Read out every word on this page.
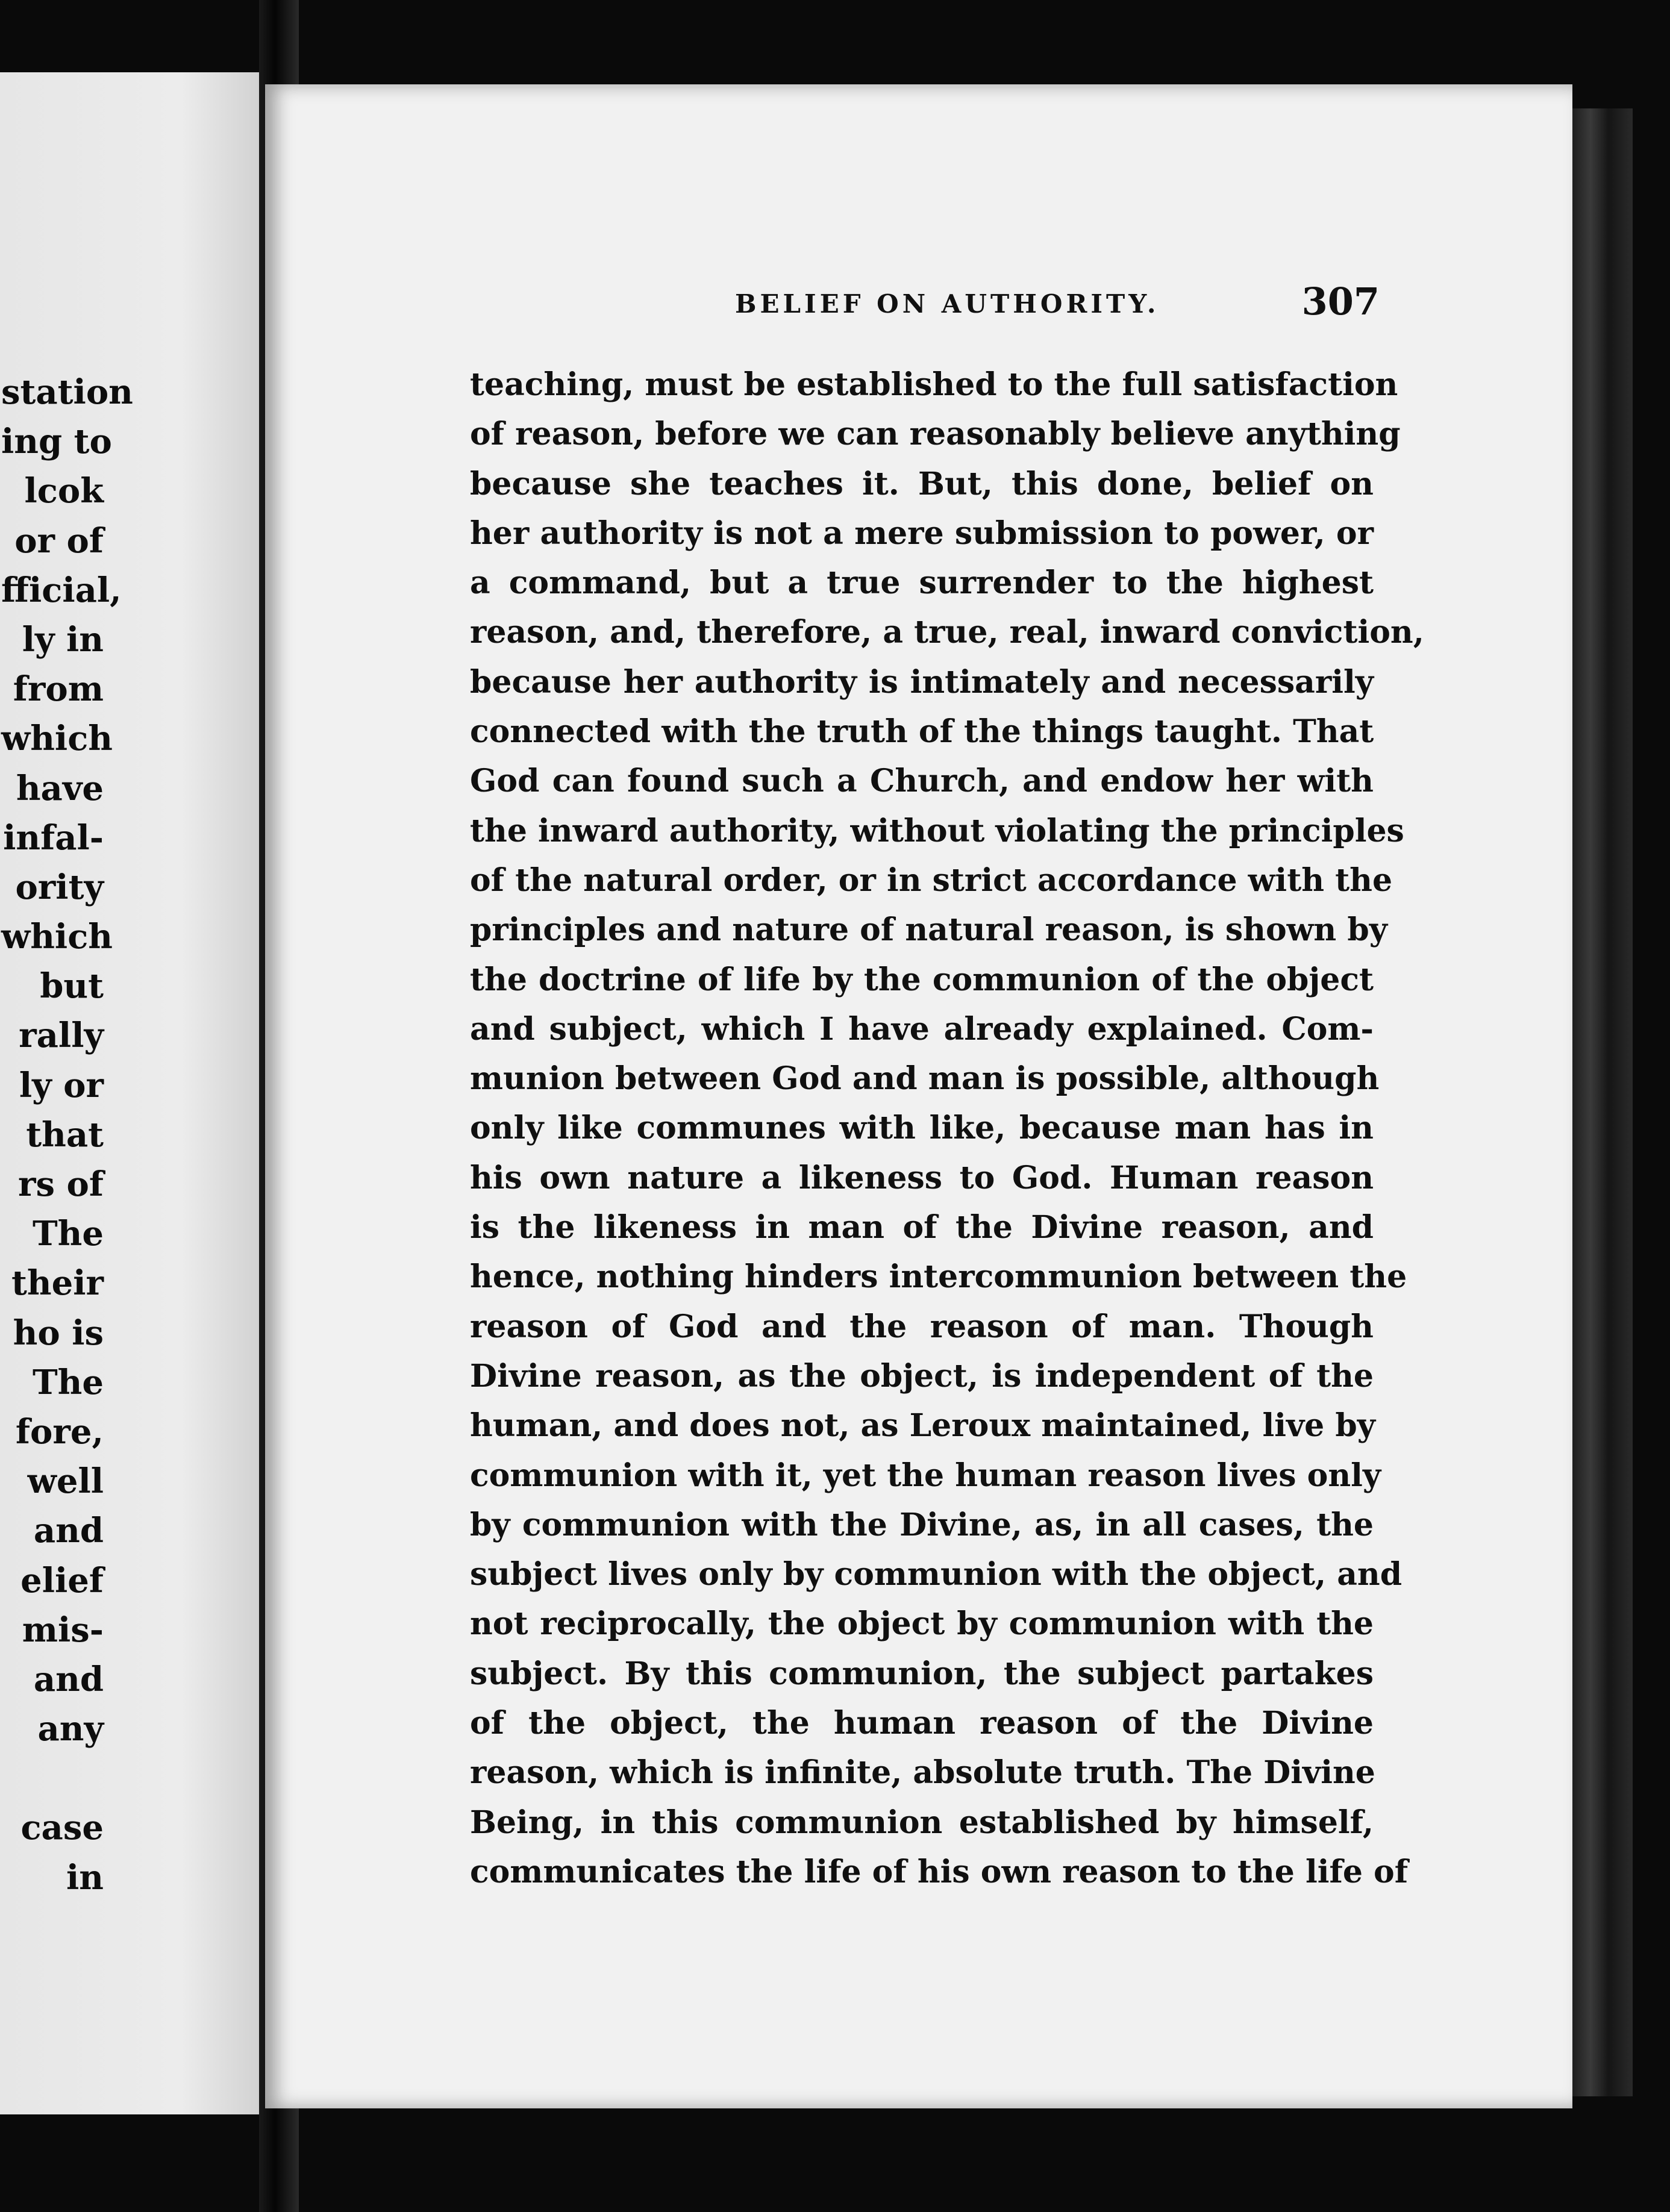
station
ing to
lcok
or of
fficial,
ly in
from
which
have
infal-
ority
which
but
rally
ly or
that
rs of
The
their
ho is
The
fore,
well
and
elief
mis-
and
any
case
in
BELIEF ON AUTHORITY.	307
teaching, must be established to the full satisfaction
of reason, before we can reasonably believe anything
because she teaches it. But, this done, belief on
her authority is not a mere submission to power, or
a command, but a true surrender to the highest
reason, and, therefore, a true, real, inward conviction,
because her authority is intimately and necessarily
connected with the truth of the things taught. That
God can found such a Church, and endow her with
the inward authority, without violating the principles
of the natural order, or in strict accordance with the
principles and nature of natural reason, is shown by
the doctrine of life by the communion of the object
and subject, which I have already explained. Com-
munion between God and man is possible, although
only like communes with like, because man has in
his own nature a likeness to God. Human reason
is the likeness in man of the Divine reason, and
hence, nothing hinders intercommunion between the
reason of God and the reason of man. Though
Divine reason, as the object, is independent of the
human, and does not, as Leroux maintained, live by
communion with it, yet the human reason lives only
by communion with the Divine, as, in all cases, the
subject lives only by communion with the object, and
not reciprocally, the object by communion with the
subject. By this communion, the subject partakes
of the object, the human reason of the Divine
reason, which is infinite, absolute truth. The Divine
Being, in this communion established by himself,
communicates the life of his own reason to the life of
